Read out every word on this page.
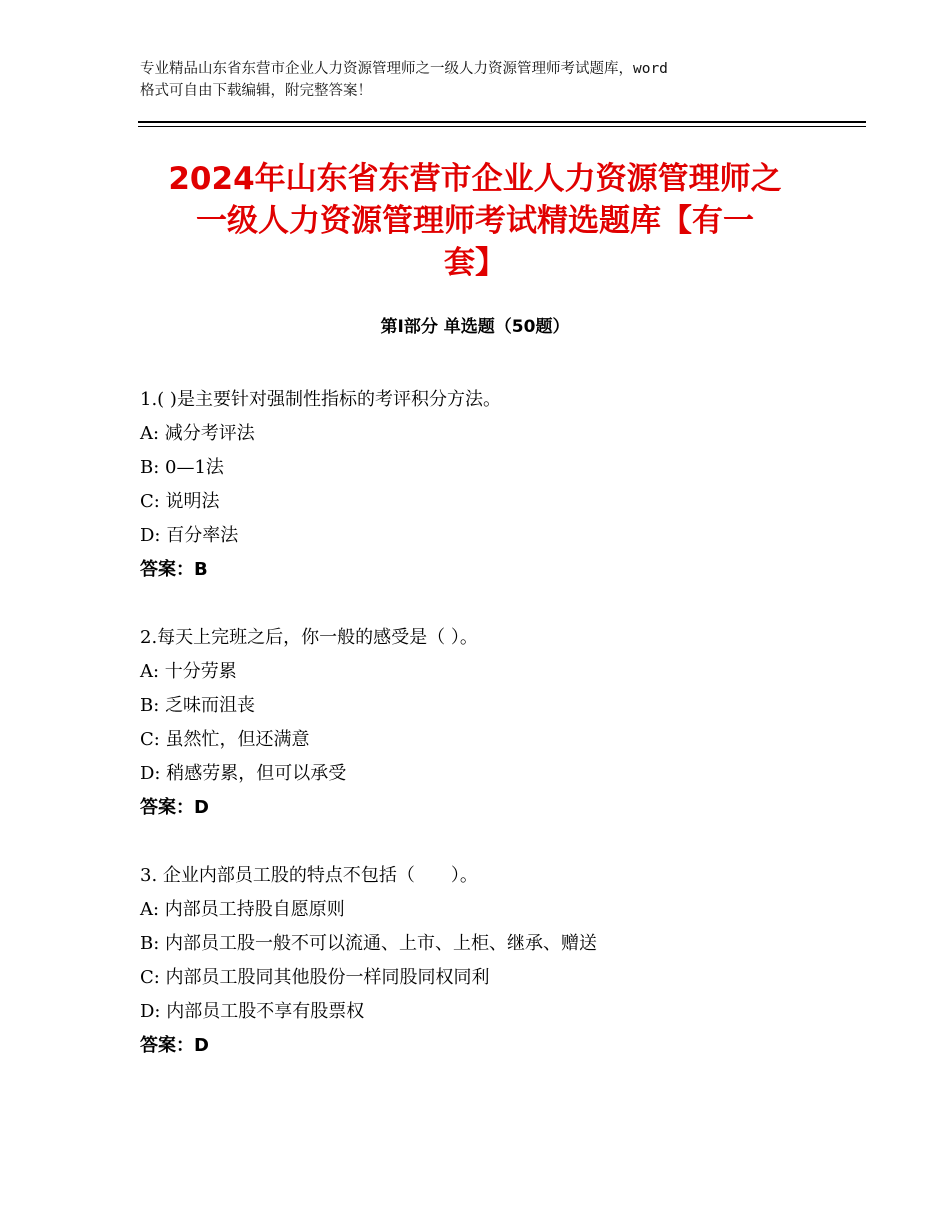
专业精品山东省东营市企业人力资源管理师之一级人力资源管理师考试题库，word

格式可自由下载编辑，附完整答案！

2024年山东省东营市企业人力资源管理师之
一级人力资源管理师考试精选题库【有一
套】
第Ⅰ部分 单选题（50题）

1.( )是主要针对强制性指标的考评积分方法。

A: 减分考评法

B: 0—1法

C: 说明法

D: 百分率法

答案：B

2.每天上完班之后，你一般的感受是（ ）。

A: 十分劳累

B: 乏味而沮丧

C: 虽然忙，但还满意

D: 稍感劳累，但可以承受

答案：D

3. 企业内部员工股的特点不包括（　　）。

A: 内部员工持股自愿原则

B: 内部员工股一般不可以流通、上市、上柜、继承、赠送

C: 内部员工股同其他股份一样同股同权同利

D: 内部员工股不享有股票权

答案：D
